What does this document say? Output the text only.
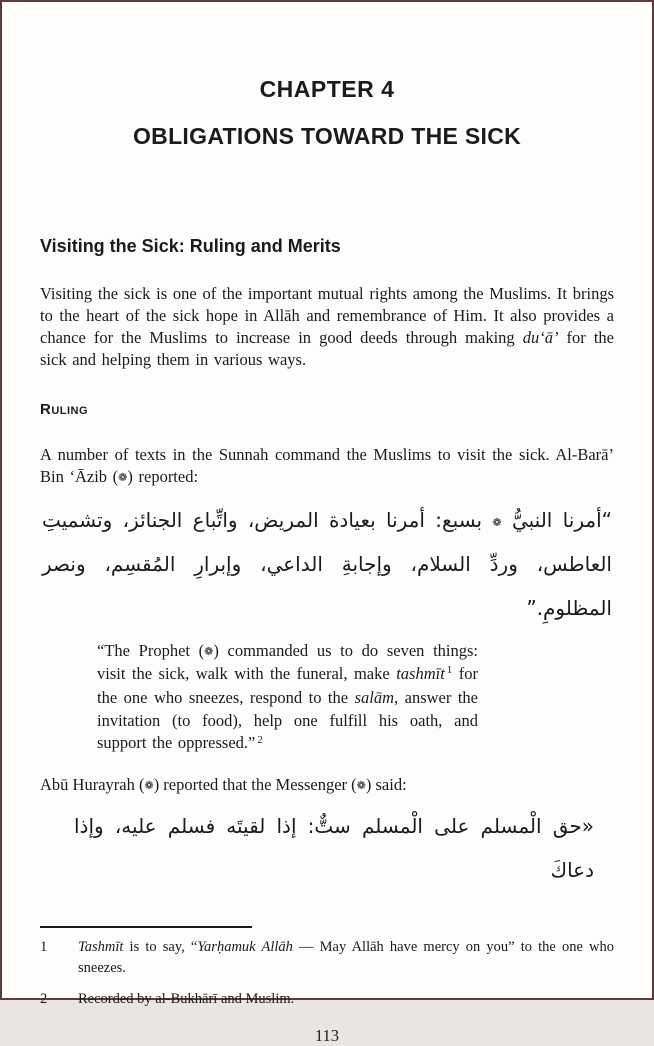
CHAPTER 4
OBLIGATIONS TOWARD THE SICK
Visiting the Sick: Ruling and Merits

Visiting the sick is one of the important mutual rights among the Muslims. It brings to the heart of the sick hope in Allāh and remembrance of Him. It also provides a chance for the Muslims to increase in good deeds through making du‘ā’ for the sick and helping them in various ways.

Ruling

A number of texts in the Sunnah command the Muslims to visit the sick. Al-Barā’ Bin ‘Āzib (❁) reported:

“أمرنا النبيُّ ❁ بسبع: أمرنا بعيادة المريض، واتِّباع الجنائز، وتشميتِ العاطس، وردِّ السلام، وإجابةِ الداعي، وإبرارِ المُقسِم، ونصر المظلومِ.”

“The Prophet (❁) commanded us to do seven things: visit the sick, walk with the funeral, make tashmīt $^1$ for the one who sneezes, respond to the salām, answer the invitation (to food), help one fulfill his oath, and support the oppressed.” $^2$

Abū Hurayrah (❁) reported that the Messenger (❁) said:

«حق الْمسلم على الْمسلم ستٌّ: إذا لقيتَه فسلم عليه، وإذا دعاكَ

1	Tashmīt is to say, “Yarḥamuk Allāh — May Allāh have mercy on you” to the one who sneezes.
2	Recorded by al-Bukhārī and Muslim.
113
